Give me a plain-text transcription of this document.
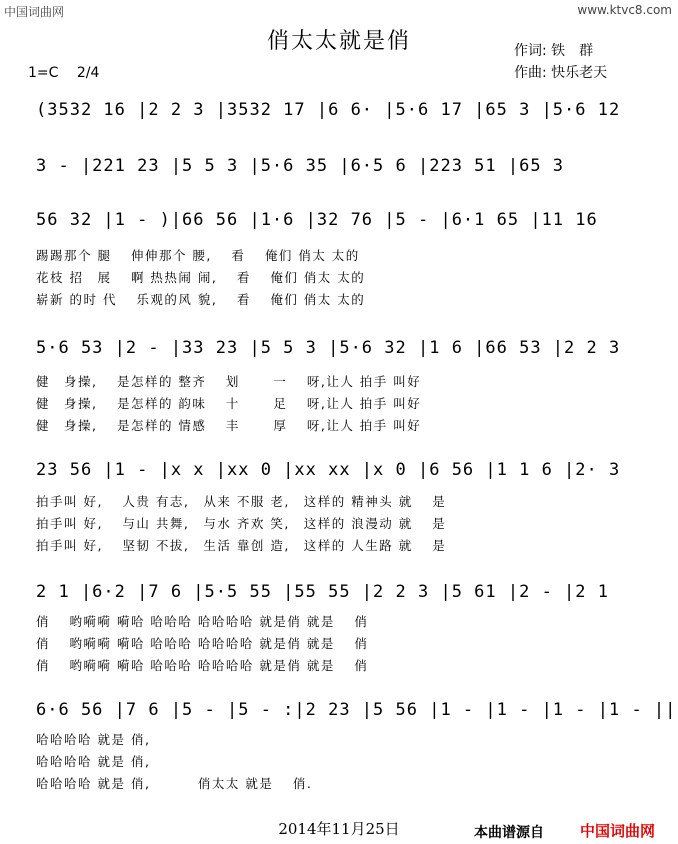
中国词曲网	www.ktvc8.com
俏太太就是俏	作词: 铁　群
作曲: 快乐老天
1=C　 2/4
(3532 16 |2 2 3 |3532 17 |6 6· |5·6 17 |65 3 |5·6 12
3 - |221 23 |5 5 3 |5·6 35 |6·5 6 |223 51 |65 3
56 32 |1 - )|66 56 |1·6 |32 76 |5 - |6·1 65 |11 16
踢踢那个 腿　 伸伸那个 腰,　 看　 俺们 俏太 太的
花枝 招　展　 啊 热热闹 闹,　 看　 俺们 俏太 太的
崭新 的时 代　 乐观的风 貌,　 看　 俺们 俏太 太的
5·6 53 |2 - |33 23 |5 5 3 |5·6 32 |1 6 |66 53 |2 2 3
健　身操,　 是怎样的 整齐　 划　 　一　 呀,让人 拍手 叫好
健　身操,　 是怎样的 韵味　 十　 　足　 呀,让人 拍手 叫好
健　身操,　 是怎样的 情感　 丰　 　厚　 呀,让人 拍手 叫好
23 56 |1 - |x x |xx 0 |xx xx |x 0 |6 56 |1 1 6 |2· 3
拍手叫 好,　 人贵 有志,　从来 不服 老,　这样的 精神头 就　 是
拍手叫 好,　 与山 共舞,　与水 齐欢 笑,　这样的 浪漫动 就　 是
拍手叫 好,　 坚韧 不拔,　生活 靠创 造,　这样的 人生路 就　 是
2 1 |6·2 |7 6 |5·5 55 |55 55 |2 2 3 |5 61 |2 - |2 1
俏　 哟嗬嗬 嗬哈 哈哈哈 哈哈哈哈 就是俏 就是　 俏
俏　 哟嗬嗬 嗬哈 哈哈哈 哈哈哈哈 就是俏 就是　 俏
俏　 哟嗬嗬 嗬哈 哈哈哈 哈哈哈哈 就是俏 就是　 俏
6·6 56 |7 6 |5 - |5 - :|2 23 |5 56 |1 - |1 - |1 - |1 - ||
哈哈哈哈 就是 俏,
哈哈哈哈 就是 俏,
哈哈哈哈 就是 俏,　　　 俏太太 就是　 俏.
2014年11月25日	本曲谱源自 中国词曲网
